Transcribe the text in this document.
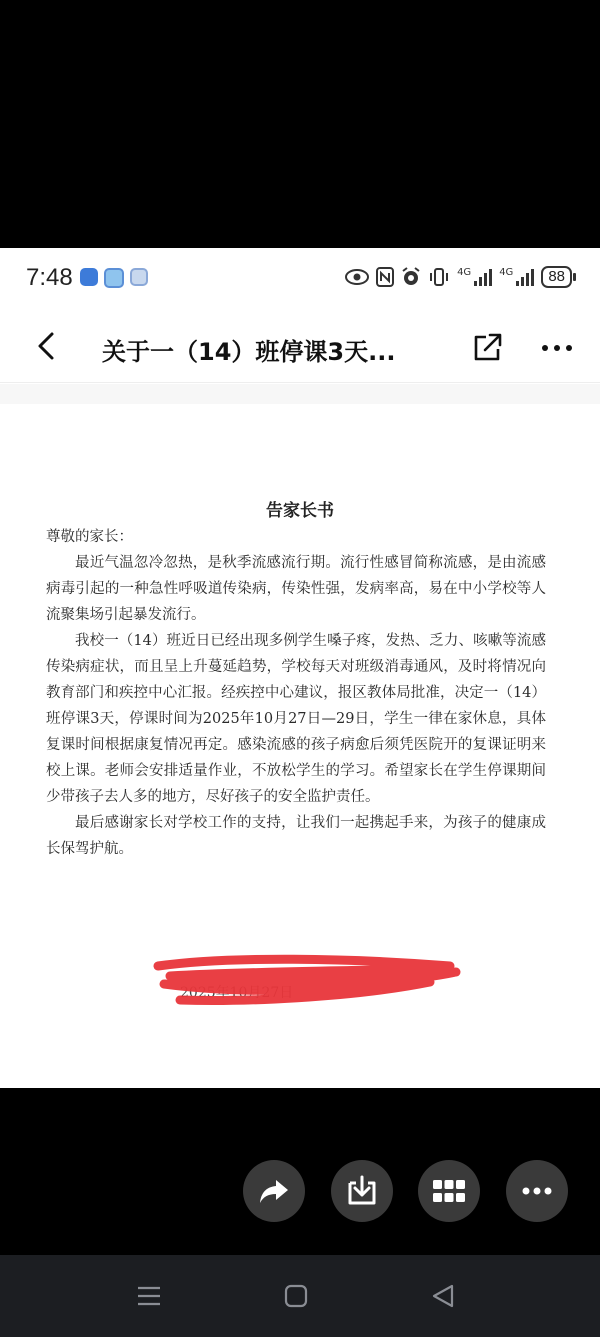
7:48	4G	4G	88
关于一（14）班停课3天...
告家长书

尊敬的家长：

最近气温忽冷忽热，是秋季流感流行期。流行性感冒简称流感，是由流感病毒引起的一种急性呼吸道传染病，传染性强，发病率高，易在中小学校等人流聚集场引起暴发流行。

我校一（14）班近日已经出现多例学生嗓子疼，发热、乏力、咳嗽等流感传染病症状，而且呈上升蔓延趋势，学校每天对班级消毒通风，及时将情况向教育部门和疾控中心汇报。经疾控中心建议，报区教体局批准，决定一（14）班停课3天，停课时间为2025年10月27日—29日，学生一律在家休息，具体复课时间根据康复情况再定。感染流感的孩子病愈后须凭医院开的复课证明来校上课。老师会安排适量作业，不放松学生的学习。希望家长在学生停课期间少带孩子去人多的地方，尽好孩子的安全监护责任。

最后感谢家长对学校工作的支持，让我们一起携起手来，为孩子的健康成长保驾护航。

2025年10月27日
